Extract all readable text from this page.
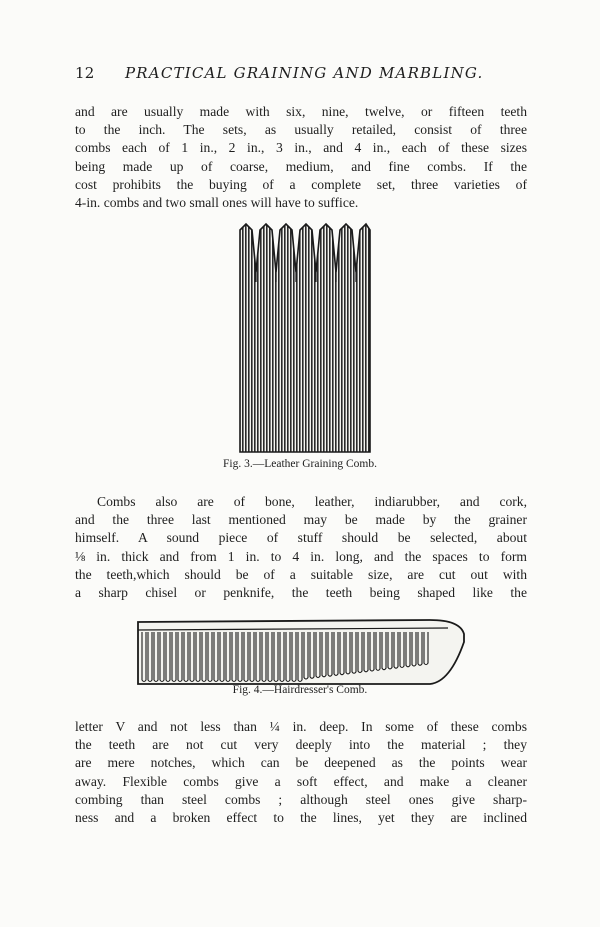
12 PRACTICAL GRAINING AND MARBLING.
and are usually made with six, nine, twelve, or fifteen teeth
to the inch. The sets, as usually retailed, consist of three
combs each of 1 in., 2 in., 3 in., and 4 in., each of these sizes
being made up of coarse, medium, and fine combs. If the
cost prohibits the buying of a complete set, three varieties of
4-in. combs and two small ones will have to suffice.
Fig. 3.—Leather Graining Comb.
Combs also are of bone, leather, indiarubber, and cork,
and the three last mentioned may be made by the grainer
himself. A sound piece of stuff should be selected, about
⅛ in. thick and from 1 in. to 4 in. long, and the spaces to form
the teeth,which should be of a suitable size, are cut out with
a sharp chisel or penknife, the teeth being shaped like the
Fig. 4.—Hairdresser's Comb.
letter V and not less than ¼ in. deep. In some of these combs
the teeth are not cut very deeply into the material ; they
are mere notches, which can be deepened as the points wear
away. Flexible combs give a soft effect, and make a cleaner
combing than steel combs ; although steel ones give sharp-
ness and a broken effect to the lines, yet they are inclined
